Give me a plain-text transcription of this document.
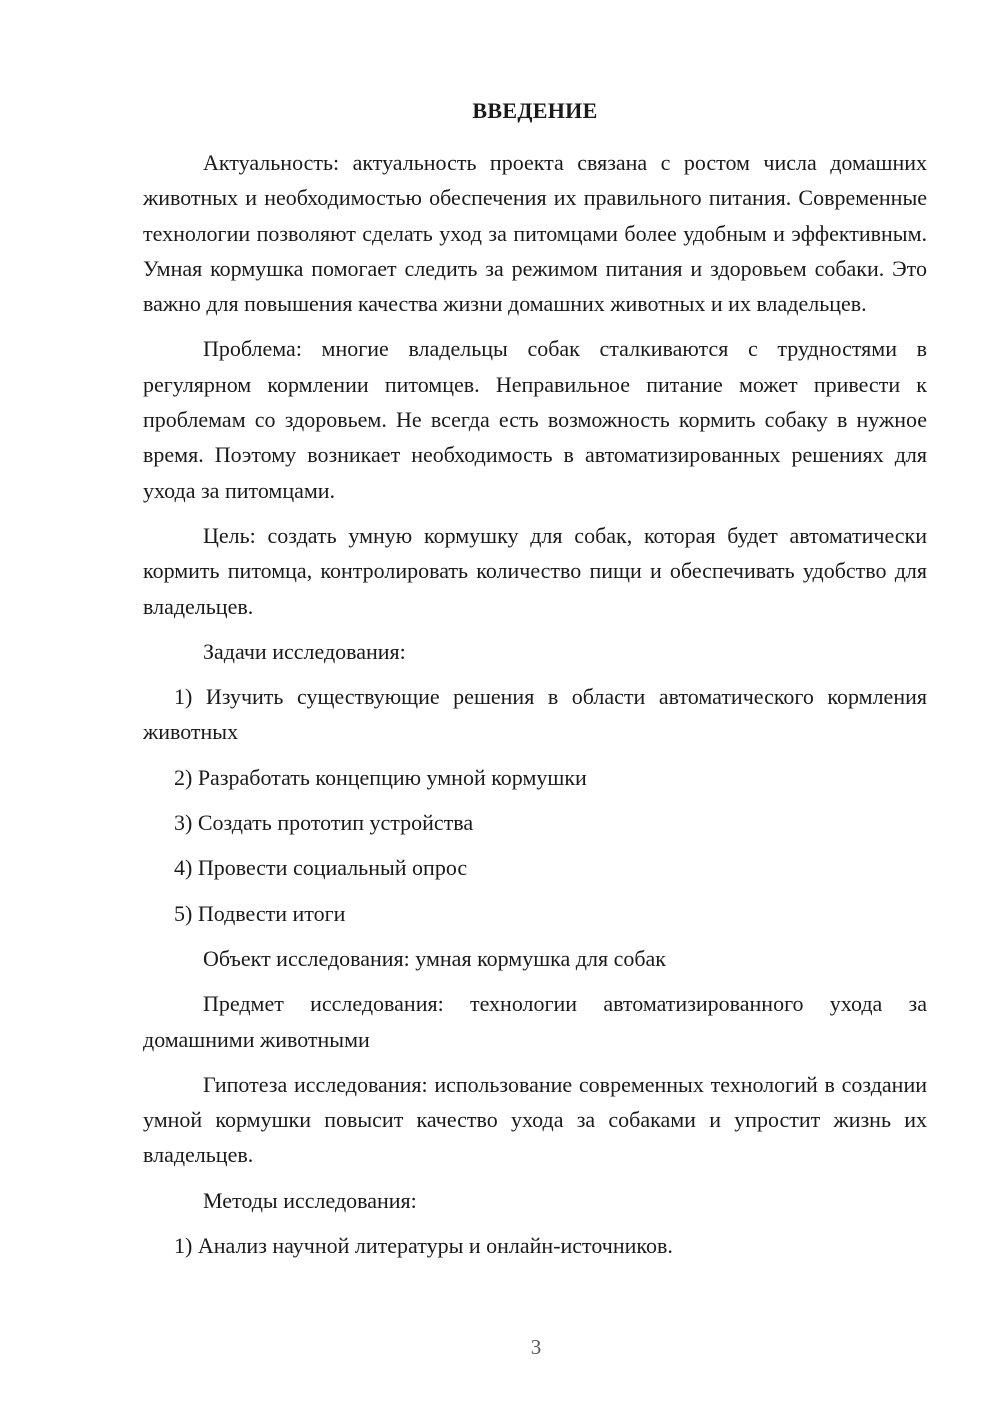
ВВЕДЕНИЕ

Актуальность: актуальность проекта связана с ростом числа домашних животных и необходимостью обеспечения их правильного питания. Современные технологии позволяют сделать уход за питомцами более удобным и эффективным. Умная кормушка помогает следить за режимом питания и здоровьем собаки. Это важно для повышения качества жизни домашних животных и их владельцев.

Проблема: многие владельцы собак сталкиваются с трудностями в регулярном кормлении питомцев. Неправильное питание может привести к проблемам со здоровьем. Не всегда есть возможность кормить собаку в нужное время. Поэтому возникает необходимость в автоматизированных решениях для ухода за питомцами.

Цель: создать умную кормушку для собак, которая будет автоматически кормить питомца, контролировать количество пищи и обеспечивать удобство для владельцев.

Задачи исследования:

1) Изучить существующие решения в области автоматического кормления животных

2) Разработать концепцию умной кормушки

3) Создать прототип устройства

4) Провести социальный опрос

5) Подвести итоги

Объект исследования: умная кормушка для собак

Предмет исследования: технологии автоматизированного ухода за домашними животными

Гипотеза исследования: использование современных технологий в создании умной кормушки повысит качество ухода за собаками и упростит жизнь их владельцев.

Методы исследования:

1) Анализ научной литературы и онлайн-источников.

3
